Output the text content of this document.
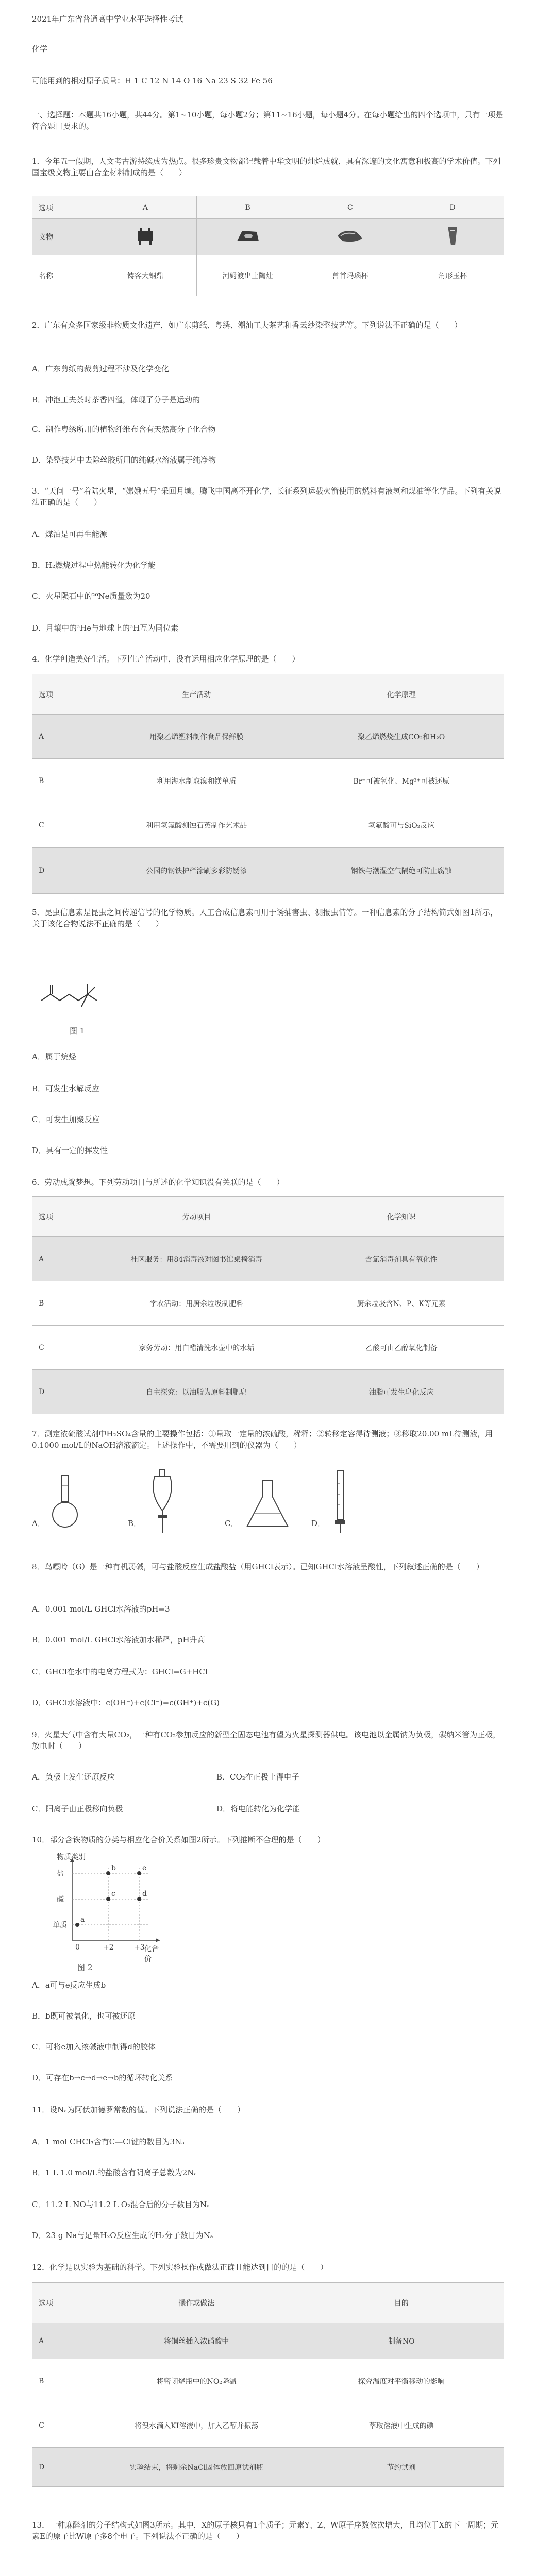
2021年广东省普通高中学业水平选择性考试
化学
可能用到的相对原子质量：H 1 C 12 N 14 O 16 Na 23 S 32 Fe 56
一、选择题：本题共16小题，共44分。第1~10小题，每小题2分；第11~16小题，每小题4分。在每小题给出的四个选项中，只有一项是符合题目要求的。
1．今年五一假期，人文考古游持续成为热点。很多珍贵文物都记载着中华文明的灿烂成就，具有深邃的文化寓意和极高的学术价值。下列国宝级文物主要由合金材料制成的是（　　）
选项	A	B	C	D
文物				
名称	铸客大铜鼎	河姆渡出土陶灶	兽首玛瑙杯	角形玉杯
2．广东有众多国家级非物质文化遗产，如广东剪纸、粤绣、潮汕工夫茶艺和香云纱染整技艺等。下列说法不正确的是（　　）
A．广东剪纸的裁剪过程不涉及化学变化
B．冲泡工夫茶时茶香四溢，体现了分子是运动的
C．制作粤绣所用的植物纤维布含有天然高分子化合物
D．染整技艺中去除丝胶所用的纯碱水溶液属于纯净物
3．“天问一号”着陆火星，“嫦娥五号”采回月壤。腾飞中国离不开化学，长征系列运载火箭使用的燃料有液氢和煤油等化学品。下列有关说法正确的是（　　）
A．煤油是可再生能源
B．H₂燃烧过程中热能转化为化学能
C．火星陨石中的²⁰Ne质量数为20
D．月壤中的³He与地球上的³H互为同位素
4．化学创造美好生活。下列生产活动中，没有运用相应化学原理的是（　　）
选项	生产活动	化学原理
A	用聚乙烯塑料制作食品保鲜膜	聚乙烯燃烧生成CO₂和H₂O
B	利用海水制取溴和镁单质	Br⁻可被氧化、Mg²⁺可被还原
C	利用氢氟酸刻蚀石英制作艺术品	氢氟酸可与SiO₂反应
D	公园的钢铁护栏涂刷多彩防锈漆	钢铁与潮湿空气隔绝可防止腐蚀
5．昆虫信息素是昆虫之间传递信号的化学物质。人工合成信息素可用于诱捕害虫、测报虫情等。一种信息素的分子结构简式如图1所示，关于该化合物说法不正确的是（　　）
图 1
A．属于烷烃
B．可发生水解反应
C．可发生加聚反应
D．具有一定的挥发性
6．劳动成就梦想。下列劳动项目与所述的化学知识没有关联的是（　　）
选项	劳动项目	化学知识
A	社区服务：用84消毒液对图书馆桌椅消毒	含氯消毒剂具有氧化性
B	学农活动：用厨余垃圾制肥料	厨余垃圾含N、P、K等元素
C	家务劳动：用白醋清洗水壶中的水垢	乙酸可由乙醇氧化制备
D	自主探究：以油脂为原料制肥皂	油脂可发生皂化反应
7．测定浓硫酸试剂中H₂SO₄含量的主要操作包括：①量取一定量的浓硫酸，稀释；②转移定容得待测液；③移取20.00 mL待测液，用0.1000 mol/L的NaOH溶液滴定。上述操作中，不需要用到的仪器为（　　）
A．	B．	C．	D．
8．鸟嘌呤（G）是一种有机弱碱，可与盐酸反应生成盐酸盐（用GHCl表示）。已知GHCl水溶液呈酸性，下列叙述正确的是（　　）
A．0.001 mol/L GHCl水溶液的pH=3
B．0.001 mol/L GHCl水溶液加水稀释，pH升高
C．GHCl在水中的电离方程式为：GHCl=G+HCl
D．GHCl水溶液中：c(OH⁻)+c(Cl⁻)=c(GH⁺)+c(G)
9．火星大气中含有大量CO₂，一种有CO₂参加反应的新型全固态电池有望为火星探测器供电。该电池以金属钠为负极，碳纳米管为正极，放电时（　　）
A．负极上发生还原反应	B．CO₂在正极上得电子
C．阳离子由正极移向负极	D．将电能转化为化学能
10．部分含铁物质的分类与相应化合价关系如图2所示。下列推断不合理的是（　　）
物质类别
盐
碱
单质
0	+2	+3
a
b
c	d
e
化合价
图 2
A．a可与e反应生成b
B．b既可被氧化，也可被还原
C．可将e加入浓碱液中制得d的胶体
D．可存在b→c→d→e→b的循环转化关系
11．设Nₐ为阿伏加德罗常数的值。下列说法正确的是（　　）
A．1 mol CHCl₃含有C—Cl键的数目为3Nₐ
B．1 L 1.0 mol/L的盐酸含有阴离子总数为2Nₐ
C．11.2 L NO与11.2 L O₂混合后的分子数目为Nₐ
D．23 g Na与足量H₂O反应生成的H₂分子数目为Nₐ
12．化学是以实验为基础的科学。下列实验操作或做法正确且能达到目的的是（　　）
选项	操作或做法	目的
A	将铜丝插入浓硝酸中	制备NO
B	将密闭烧瓶中的NO₂降温	探究温度对平衡移动的影响
C	将溴水滴入KI溶液中，加入乙醇并振荡	萃取溶液中生成的碘
D	实验结束，将剩余NaCl固体放回原试剂瓶	节约试剂
13．一种麻醉剂的分子结构式如图3所示。其中，X的原子核只有1个质子；元素Y、Z、W原子序数依次增大，且均位于X的下一周期；元素E的原子比W原子多8个电子。下列说法不正确的是（　　）
